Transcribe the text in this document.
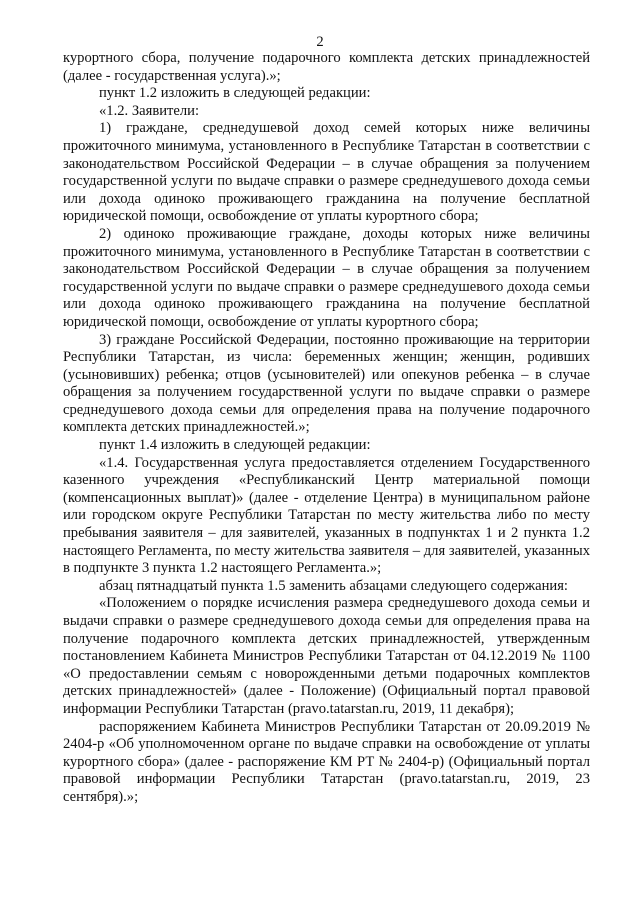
2

курортного сбора, получение подарочного комплекта детских принадлежностей (далее - государственная услуга).»;

пункт 1.2 изложить в следующей редакции:

«1.2. Заявители:

1) граждане, среднедушевой доход семей которых ниже величины прожиточного минимума, установленного в Республике Татарстан в соответствии с законодательством Российской Федерации – в случае обращения за получением государственной услуги по выдаче справки о размере среднедушевого дохода семьи или дохода одиноко проживающего гражданина на получение бесплатной юридической помощи, освобождение от уплаты курортного сбора;

2) одиноко проживающие граждане, доходы которых ниже величины прожиточного минимума, установленного в Республике Татарстан в соответствии с законодательством Российской Федерации – в случае обращения за получением государственной услуги по выдаче справки о размере среднедушевого дохода семьи или дохода одиноко проживающего гражданина на получение бесплатной юридической помощи, освобождение от уплаты курортного сбора;

3) граждане Российской Федерации, постоянно проживающие на территории Республики Татарстан, из числа: беременных женщин; женщин, родивших (усыновивших) ребенка; отцов (усыновителей) или опекунов ребенка – в случае обращения за получением государственной услуги по выдаче справки о размере среднедушевого дохода семьи для определения права на получение подарочного комплекта детских принадлежностей.»;

пункт 1.4 изложить в следующей редакции:

«1.4. Государственная услуга предоставляется отделением Государственного казенного учреждения «Республиканский Центр материальной помощи (компенсационных выплат)» (далее - отделение Центра) в муниципальном районе или городском округе Республики Татарстан по месту жительства либо по месту пребывания заявителя – для заявителей, указанных в подпунктах 1 и 2 пункта 1.2 настоящего Регламента, по месту жительства заявителя – для заявителей, указанных в подпункте 3 пункта 1.2 настоящего Регламента.»;

абзац пятнадцатый пункта 1.5 заменить абзацами следующего содержания:

«Положением о порядке исчисления размера среднедушевого дохода семьи и выдачи справки о размере среднедушевого дохода семьи для определения права на получение подарочного комплекта детских принадлежностей, утвержденным постановлением Кабинета Министров Республики Татарстан от 04.12.2019 № 1100 «О предоставлении семьям с новорожденными детьми подарочных комплектов детских принадлежностей» (далее - Положение) (Официальный портал правовой информации Республики Татарстан (pravo.tatarstan.ru, 2019, 11 декабря);

распоряжением Кабинета Министров Республики Татарстан от 20.09.2019 № 2404-р «Об уполномоченном органе по выдаче справки на освобождение от уплаты курортного сбора» (далее - распоряжение КМ РТ № 2404-р) (Официальный портал правовой информации Республики Татарстан (pravo.tatarstan.ru, 2019, 23 сентября).»;
